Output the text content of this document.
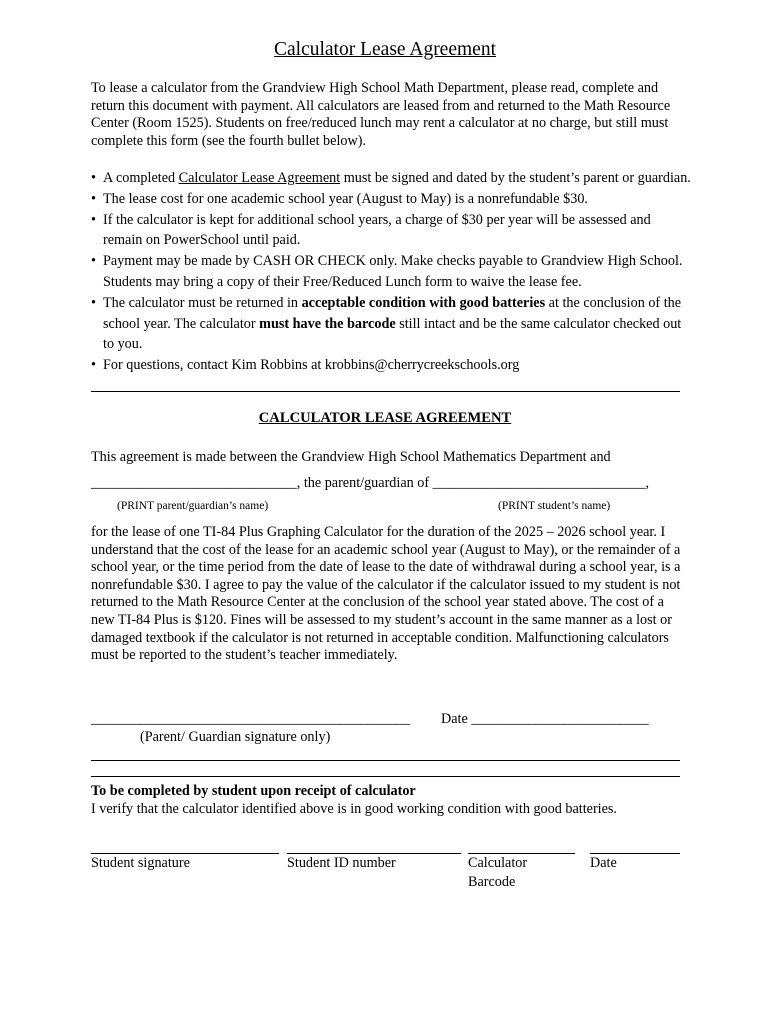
Calculator Lease Agreement
To lease a calculator from the Grandview High School Math Department, please read, complete and return this document with payment. All calculators are leased from and returned to the Math Resource Center (Room 1525). Students on free/reduced lunch may rent a calculator at no charge, but still must complete this form (see the fourth bullet below).
• A completed Calculator Lease Agreement must be signed and dated by the student’s parent or guardian.
• The lease cost for one academic school year (August to May) is a nonrefundable $30.
• If the calculator is kept for additional school years, a charge of $30 per year will be assessed and remain on PowerSchool until paid.
• Payment may be made by CASH OR CHECK only. Make checks payable to Grandview High School. Students may bring a copy of their Free/Reduced Lunch form to waive the lease fee.
• The calculator must be returned in acceptable condition with good batteries at the conclusion of the school year. The calculator must have the barcode still intact and be the same calculator checked out to you.
• For questions, contact Kim Robbins at krobbins@cherrycreekschools.org
CALCULATOR LEASE AGREEMENT
This agreement is made between the Grandview High School Mathematics Department and
_____________________________, the parent/guardian of ______________________________,
(PRINT parent/guardian’s name)	(PRINT student’s name)
for the lease of one TI-84 Plus Graphing Calculator for the duration of the 2025 – 2026 school year. I understand that the cost of the lease for an academic school year (August to May), or the remainder of a school year, or the time period from the date of lease to the date of withdrawal during a school year, is a nonrefundable $30. I agree to pay the value of the calculator if the calculator issued to my student is not returned to the Math Resource Center at the conclusion of the school year stated above. The cost of a new TI-84 Plus is $120. Fines will be assessed to my student’s account in the same manner as a lost or damaged textbook if the calculator is not returned in acceptable condition. Malfunctioning calculators must be reported to the student’s teacher immediately.
_____________________________________________ Date _________________________
(Parent/ Guardian signature only)
To be completed by student upon receipt of calculator
I verify that the calculator identified above is in good working condition with good batteries.
Student signature	Student ID number	Calculator Barcode
Date
